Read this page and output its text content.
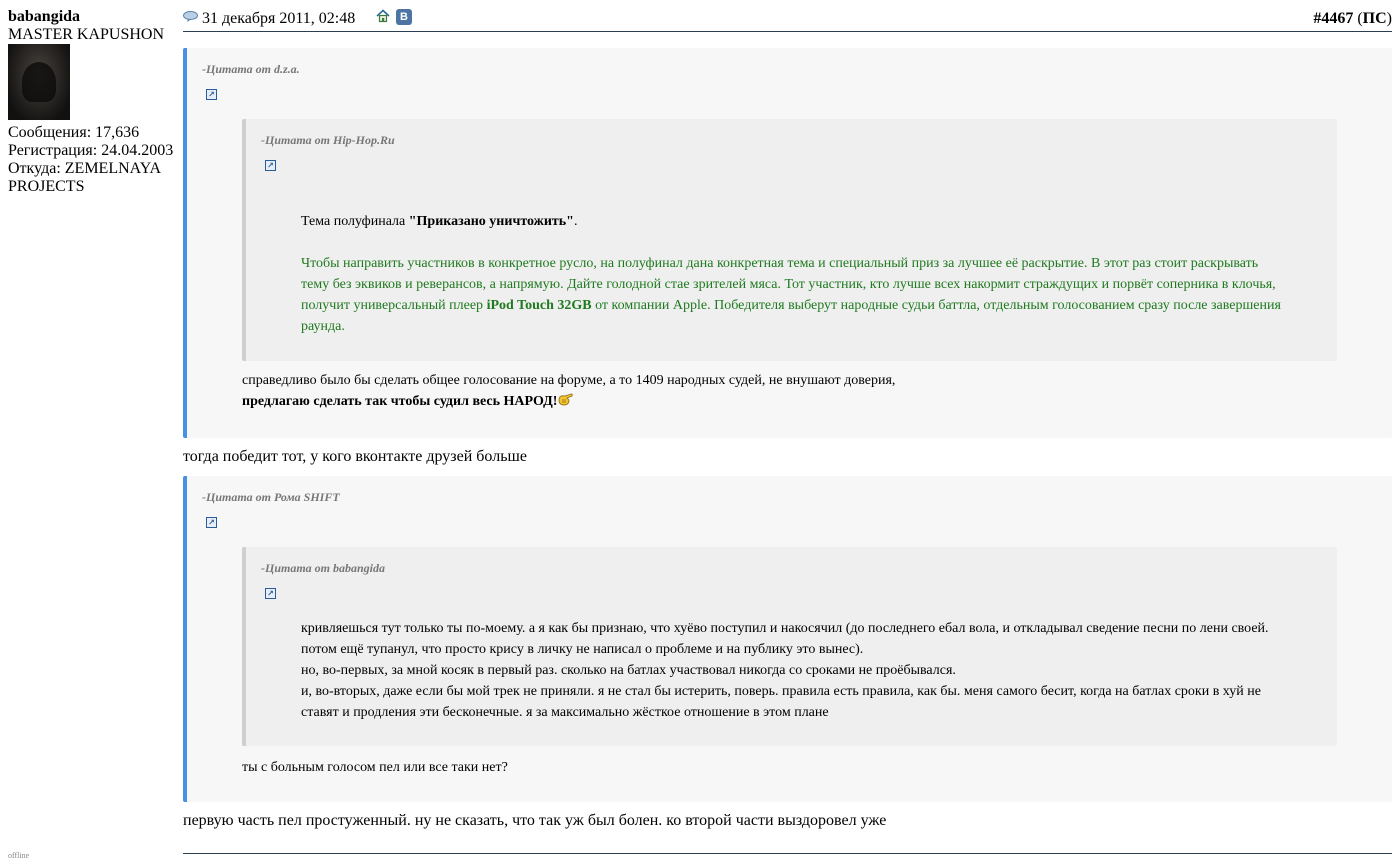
babangida
MASTER KAPUSHON
Сообщения: 17,636
Регистрация: 24.04.2003
Откуда: ZEMELNAYA PROJECTS
offline
31 декабря 2011, 02:48	В	#4467 (ПС)
-Цитата от d.z.a.
↗
-Цитата от Hip-Hop.Ru
↗
Тема полуфинала "Приказано уничтожить".
Чтобы направить участников в конкретное русло, на полуфинал дана конкретная тема и специальный приз за лучшее её раскрытие. В этот раз стоит раскрывать тему без эквиков и реверансов, а напрямую. Дайте голодной стае зрителей мяса. Тот участник, кто лучше всех накормит страждущих и порвёт соперника в клочья, получит универсальный плеер iPod Touch 32GB от компании Apple. Победителя выберут народные судьи баттла, отдельным голосованием сразу после завершения раунда.
справедливо было бы сделать общее голосование на форуме, а то 1409 народных судей, не внушают доверия,
предлагаю сделать так чтобы судил весь НАРОД!
тогда победит тот, у кого вконтакте друзей больше
-Цитата от Рома SHIFT
↗
-Цитата от babangida
↗
кривляешься тут только ты по-моему. а я как бы признаю, что хуёво поступил и накосячил (до последнего ебал вола, и откладывал сведение песни по лени своей.
потом ещё тупанул, что просто крису в личку не написал о проблеме и на публику это вынес).
но, во-первых, за мной косяк в первый раз. сколько на батлах участвовал никогда со сроками не проёбывался.
и, во-вторых, даже если бы мой трек не приняли. я не стал бы истерить, поверь. правила есть правила, как бы. меня самого бесит, когда на батлах сроки в хуй не
ставят и продления эти бесконечные. я за максимально жёсткое отношение в этом плане
ты с больным голосом пел или все таки нет?
первую часть пел простуженный. ну не сказать, что так уж был болен. ко второй части выздоровел уже
